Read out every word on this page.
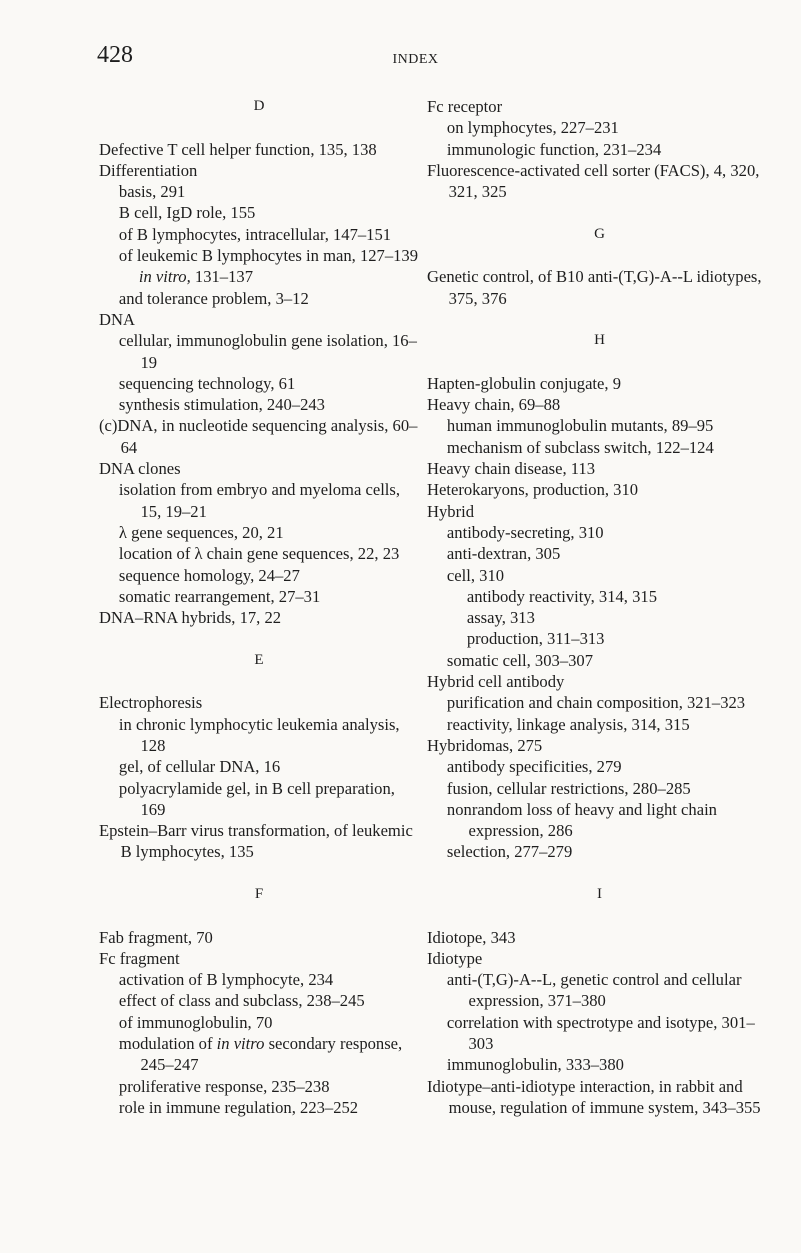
428	INDEX
D
Defective T cell helper function, 135, 138
Differentiation
basis, 291
B cell, IgD role, 155
of B lymphocytes, intracellular, 147–151
of leukemic B lymphocytes in man, 127–139
in vitro, 131–137
and tolerance problem, 3–12
DNA
cellular, immunoglobulin gene isolation, 16–19
sequencing technology, 61
synthesis stimulation, 240–243
(c)DNA, in nucleotide sequencing analysis, 60–64
DNA clones
isolation from embryo and myeloma cells, 15, 19–21
λ gene sequences, 20, 21
location of λ chain gene sequences, 22, 23
sequence homology, 24–27
somatic rearrangement, 27–31
DNA–RNA hybrids, 17, 22
E
Electrophoresis
in chronic lymphocytic leukemia analysis, 128
gel, of cellular DNA, 16
polyacrylamide gel, in B cell preparation, 169
Epstein–Barr virus transformation, of leukemic B lymphocytes, 135
F
Fab fragment, 70
Fc fragment
activation of B lymphocyte, 234
effect of class and subclass, 238–245
of immunoglobulin, 70
modulation of in vitro secondary response, 245–247
proliferative response, 235–238
role in immune regulation, 223–252
Fc receptor
on lymphocytes, 227–231
immunologic function, 231–234
Fluorescence-activated cell sorter (FACS), 4, 320, 321, 325
G
Genetic control, of B10 anti-(T,G)-A--L idiotypes, 375, 376
H
Hapten-globulin conjugate, 9
Heavy chain, 69–88
human immunoglobulin mutants, 89–95
mechanism of subclass switch, 122–124
Heavy chain disease, 113
Heterokaryons, production, 310
Hybrid
antibody-secreting, 310
anti-dextran, 305
cell, 310
antibody reactivity, 314, 315
assay, 313
production, 311–313
somatic cell, 303–307
Hybrid cell antibody
purification and chain composition, 321–323
reactivity, linkage analysis, 314, 315
Hybridomas, 275
antibody specificities, 279
fusion, cellular restrictions, 280–285
nonrandom loss of heavy and light chain expression, 286
selection, 277–279
I
Idiotope, 343
Idiotype
anti-(T,G)-A--L, genetic control and cellular expression, 371–380
correlation with spectrotype and isotype, 301–303
immunoglobulin, 333–380
Idiotype–anti-idiotype interaction, in rabbit and mouse, regulation of immune system, 343–355
